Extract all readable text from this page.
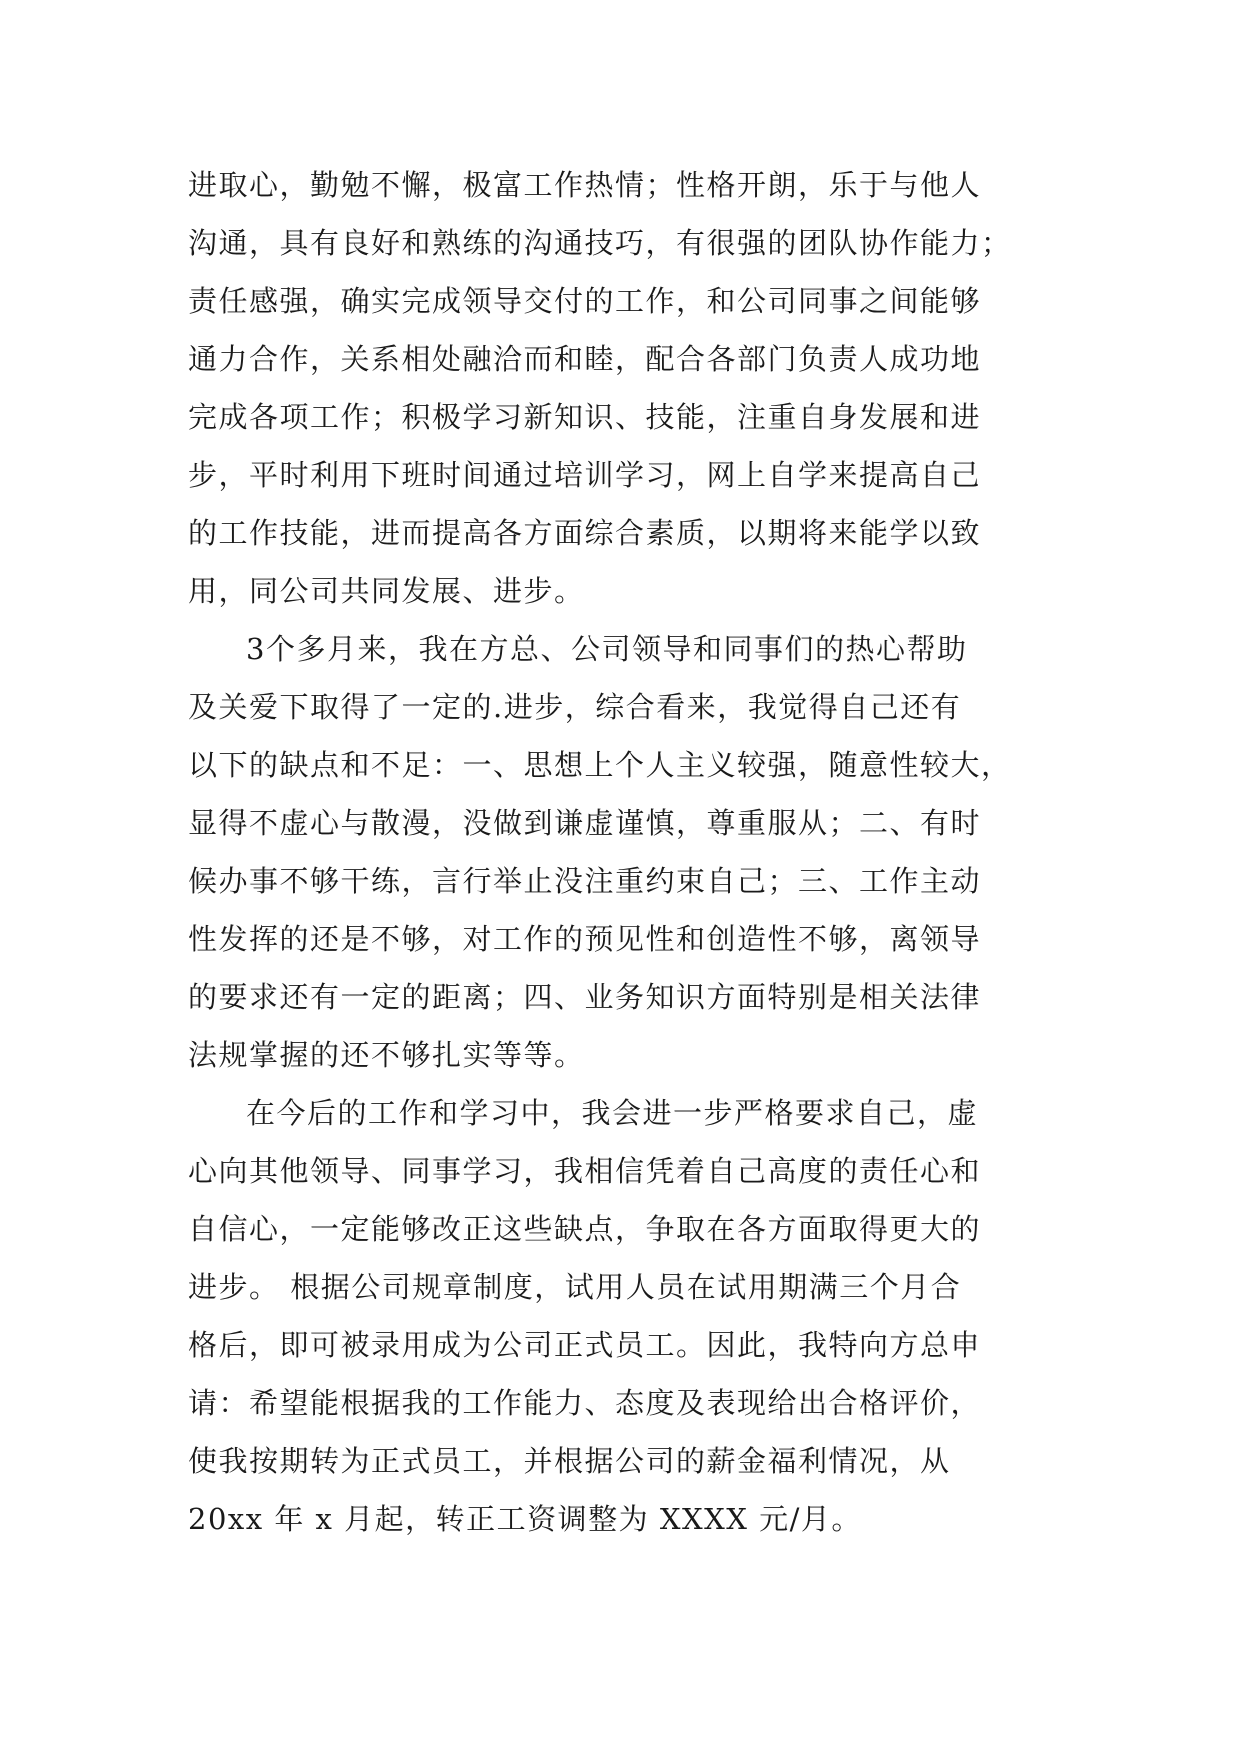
进取心，勤勉不懈，极富工作热情；性格开朗，乐于与他人
沟通，具有良好和熟练的沟通技巧，有很强的团队协作能力；
责任感强，确实完成领导交付的工作，和公司同事之间能够
通力合作，关系相处融洽而和睦，配合各部门负责人成功地
完成各项工作；积极学习新知识、技能，注重自身发展和进
步，平时利用下班时间通过培训学习，网上自学来提高自己
的工作技能，进而提高各方面综合素质，以期将来能学以致
用，同公司共同发展、进步。
3个多月来，我在方总、公司领导和同事们的热心帮助
及关爱下取得了一定的.进步，综合看来，我觉得自己还有
以下的缺点和不足：一、思想上个人主义较强，随意性较大，
显得不虚心与散漫，没做到谦虚谨慎，尊重服从；二、有时
候办事不够干练，言行举止没注重约束自己；三、工作主动
性发挥的还是不够，对工作的预见性和创造性不够，离领导
的要求还有一定的距离；四、业务知识方面特别是相关法律
法规掌握的还不够扎实等等。
在今后的工作和学习中，我会进一步严格要求自己，虚
心向其他领导、同事学习，我相信凭着自己高度的责任心和
自信心，一定能够改正这些缺点，争取在各方面取得更大的
进步。 根据公司规章制度，试用人员在试用期满三个月合
格后，即可被录用成为公司正式员工。因此，我特向方总申
请：希望能根据我的工作能力、态度及表现给出合格评价，
使我按期转为正式员工，并根据公司的薪金福利情况，从
20xx 年 x 月起，转正工资调整为 XXXX 元/月。
